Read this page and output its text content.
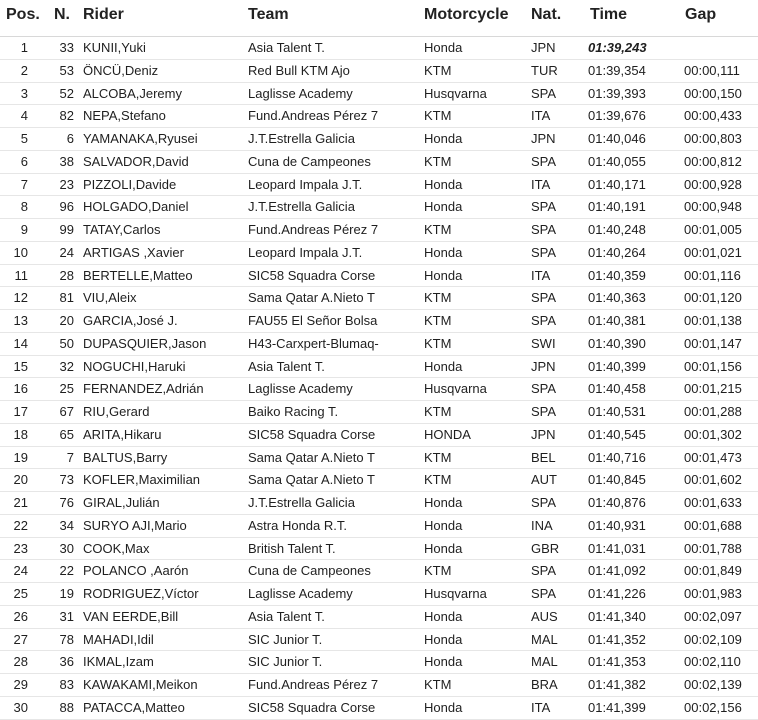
Pos. N. Rider	Team	Motorcycle Nat. Time	Gap
1	33 KUNII,Yuki	Asia Talent T.	Honda	JPN 01:39,243
2	53 ÖNCÜ,Deniz	Red Bull KTM Ajo	KTM	TUR 01:39,354	00:00,111
3	52 ALCOBA,Jeremy	Laglisse Academy	Husqvarna	SPA 01:39,393	00:00,150
4	82 NEPA,Stefano	Fund.Andreas Pérez 7	KTM	ITA	01:39,676	00:00,433
5	6 YAMANAKA,Ryusei	J.T.Estrella Galicia	Honda	JPN 01:40,046	00:00,803
6	38 SALVADOR,David	Cuna de Campeones	KTM	SPA 01:40,055	00:00,812
7	23 PIZZOLI,Davide	Leopard Impala J.T.	Honda	ITA	01:40,171	00:00,928
8	96 HOLGADO,Daniel	J.T.Estrella Galicia	Honda	SPA 01:40,191	00:00,948
9	99 TATAY,Carlos	Fund.Andreas Pérez 7	KTM	SPA 01:40,248	00:01,005
10	24 ARTIGAS ,Xavier	Leopard Impala J.T.	Honda	SPA 01:40,264	00:01,021
11	28 BERTELLE,Matteo	SIC58 Squadra Corse	Honda	ITA	01:40,359	00:01,116
12	81 VIU,Aleix	Sama Qatar A.Nieto T	KTM	SPA 01:40,363	00:01,120
13	20 GARCIA,José J.	FAU55 El Señor Bolsa	KTM	SPA 01:40,381	00:01,138
14	50 DUPASQUIER,Jason	H43-Carxpert-Blumaq-	KTM	SWI 01:40,390	00:01,147
15	32 NOGUCHI,Haruki	Asia Talent T.	Honda	JPN 01:40,399	00:01,156
16	25 FERNANDEZ,Adrián	Laglisse Academy	Husqvarna	SPA 01:40,458	00:01,215
17	67 RIU,Gerard	Baiko Racing T.	KTM	SPA 01:40,531	00:01,288
18	65 ARITA,Hikaru	SIC58 Squadra Corse	HONDA	JPN 01:40,545	00:01,302
19	7 BALTUS,Barry	Sama Qatar A.Nieto T	KTM	BEL 01:40,716	00:01,473
20	73 KOFLER,Maximilian	Sama Qatar A.Nieto T	KTM	AUT 01:40,845	00:01,602
21	76 GIRAL,Julián	J.T.Estrella Galicia	Honda	SPA 01:40,876	00:01,633
22	34 SURYO AJI,Mario	Astra Honda R.T.	Honda	INA	01:40,931	00:01,688
23	30 COOK,Max	British Talent T.	Honda	GBR 01:41,031	00:01,788
24	22 POLANCO ,Aarón	Cuna de Campeones	KTM	SPA 01:41,092	00:01,849
25	19 RODRIGUEZ,Víctor	Laglisse Academy	Husqvarna	SPA 01:41,226	00:01,983
26	31 VAN EERDE,Bill	Asia Talent T.	Honda	AUS 01:41,340	00:02,097
27	78 MAHADI,Idil	SIC Junior T.	Honda	MAL 01:41,352	00:02,109
28	36 IKMAL,Izam	SIC Junior T.	Honda	MAL 01:41,353	00:02,110
29	83 KAWAKAMI,Meikon	Fund.Andreas Pérez 7	KTM	BRA 01:41,382	00:02,139
30	88 PATACCA,Matteo	SIC58 Squadra Corse	Honda	ITA	01:41,399	00:02,156
